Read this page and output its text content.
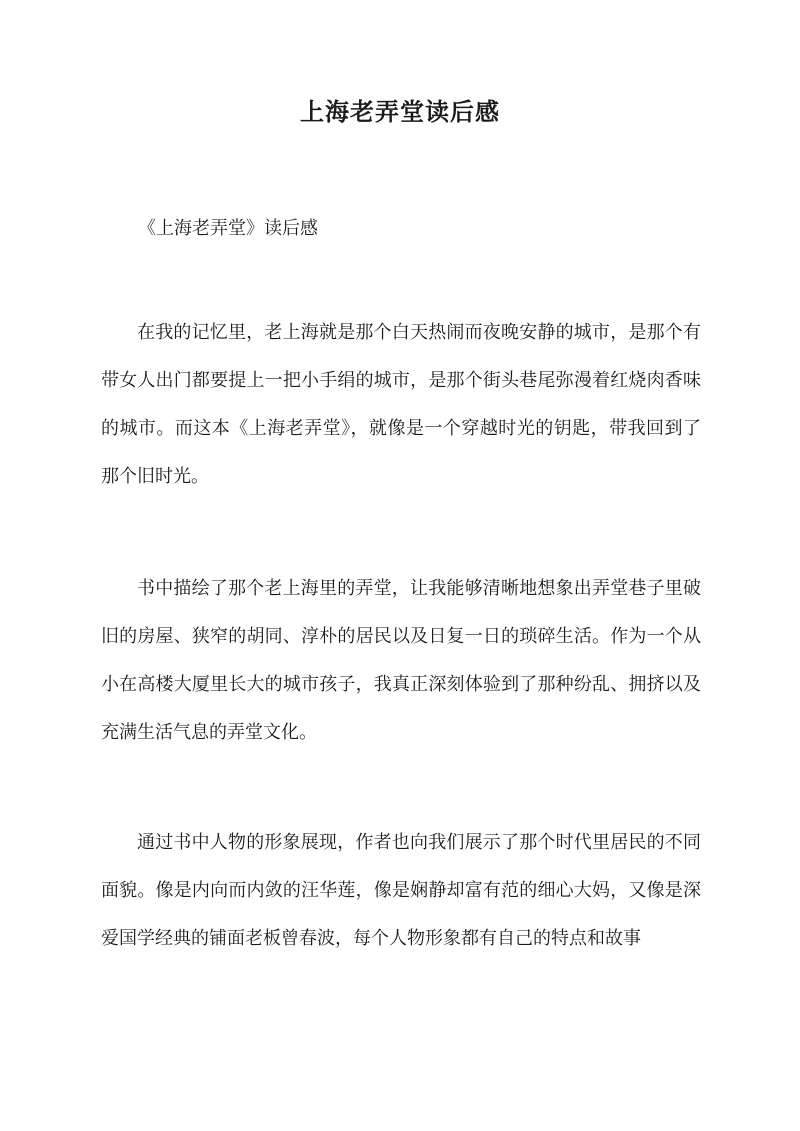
上海老弄堂读后感

《上海老弄堂》读后感

在我的记忆里，老上海就是那个白天热闹而夜晚安静的城市，是那个有带女人出门都要提上一把小手绢的城市，是那个街头巷尾弥漫着红烧肉香味的城市。而这本《上海老弄堂》，就像是一个穿越时光的钥匙，带我回到了那个旧时光。

书中描绘了那个老上海里的弄堂，让我能够清晰地想象出弄堂巷子里破旧的房屋、狭窄的胡同、淳朴的居民以及日复一日的琐碎生活。作为一个从小在高楼大厦里长大的城市孩子，我真正深刻体验到了那种纷乱、拥挤以及充满生活气息的弄堂文化。

通过书中人物的形象展现，作者也向我们展示了那个时代里居民的不同面貌。像是内向而内敛的汪华莲，像是娴静却富有范的细心大妈，又像是深爱国学经典的铺面老板曾春波，每个人物形象都有自己的特点和故事
